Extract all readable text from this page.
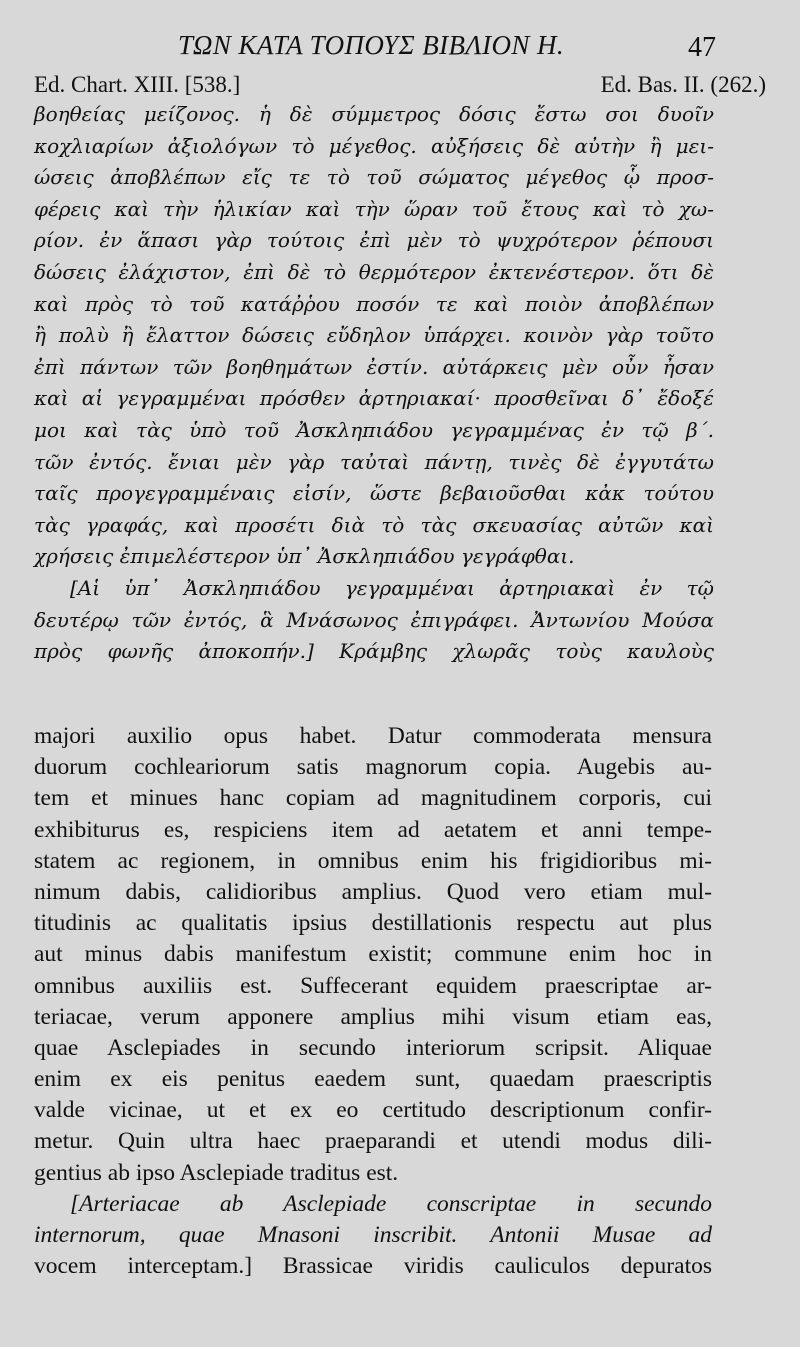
ΤΩΝ ΚΑΤΑ ΤΟΠΟΥΣ ΒΙΒΛΙΟΝ Η.	47
Ed. Chart. XIII. [538.]	Ed. Bas. II. (262.)
βοηθείας μείζονος. ἡ δὲ σύμμετρος δόσις ἔστω σοι δυοῖν
κοχλιαρίων ἀξιολόγων τὸ μέγεθος. αὐξήσεις δὲ αὐτὴν ἢ μει-
ώσεις ἀποβλέπων εἴς τε τὸ τοῦ σώματος μέγεθος ᾧ προσ-
φέρεις καὶ τὴν ἡλικίαν καὶ τὴν ὥραν τοῦ ἔτους καὶ τὸ χω-
ρίον. ἐν ἅπασι γὰρ τούτοις ἐπὶ μὲν τὸ ψυχρότερον ῥέπουσι
δώσεις ἐλάχιστον, ἐπὶ δὲ τὸ θερμότερον ἐκτενέστερον. ὅτι δὲ
καὶ πρὸς τὸ τοῦ κατάῤῥου ποσόν τε καὶ ποιὸν ἀποβλέπων
ἢ πολὺ ἢ ἔλαττον δώσεις εὔδηλον ὑπάρχει. κοινὸν γὰρ τοῦτο
ἐπὶ πάντων τῶν βοηθημάτων ἐστίν. αὐτάρκεις μὲν οὖν ἦσαν
καὶ αἱ γεγραμμέναι πρόσθεν ἀρτηριακαί· προσθεῖναι δ᾽ ἔδοξέ
μοι καὶ τὰς ὑπὸ τοῦ Ἀσκληπιάδου γεγραμμένας ἐν τῷ β΄.
τῶν ἐντός. ἔνιαι μὲν γὰρ ταὐταὶ πάντῃ, τινὲς δὲ ἐγγυτάτω
ταῖς προγεγραμμέναις εἰσίν, ὥστε βεβαιοῦσθαι κἀκ τούτου
τὰς γραφάς, καὶ προσέτι διὰ τὸ τὰς σκευασίας αὐτῶν καὶ
χρήσεις ἐπιμελέστερον ὑπ᾽ Ἀσκληπιάδου γεγράφθαι.
[Αἱ ὑπ᾽ Ἀσκληπιάδου γεγραμμέναι ἀρτηριακαὶ ἐν τῷ
δευτέρῳ τῶν ἐντός, ἃ Μνάσωνος ἐπιγράφει. Ἀντωνίου Μούσα
πρὸς φωνῆς ἀποκοπήν.] Κράμβης χλωρᾶς τοὺς καυλοὺς
majori auxilio opus habet. Datur commoderata mensura
duorum cochleariorum satis magnorum copia. Augebis au-
tem et minues hanc copiam ad magnitudinem corporis, cui
exhibiturus es, respiciens item ad aetatem et anni tempe-
statem ac regionem, in omnibus enim his frigidioribus mi-
nimum dabis, calidioribus amplius. Quod vero etiam mul-
titudinis ac qualitatis ipsius destillationis respectu aut plus
aut minus dabis manifestum existit; commune enim hoc in
omnibus auxiliis est. Suffecerant equidem praescriptae ar-
teriacae, verum apponere amplius mihi visum etiam eas,
quae Asclepiades in secundo interiorum scripsit. Aliquae
enim ex eis penitus eaedem sunt, quaedam praescriptis
valde vicinae, ut et ex eo certitudo descriptionum confir-
metur. Quin ultra haec praeparandi et utendi modus dili-
gentius ab ipso Asclepiade traditus est.
[Arteriacae ab Asclepiade conscriptae in secundo
internorum, quae Mnasoni inscribit. Antonii Musae ad
vocem interceptam.] Brassicae viridis cauliculos depuratos
